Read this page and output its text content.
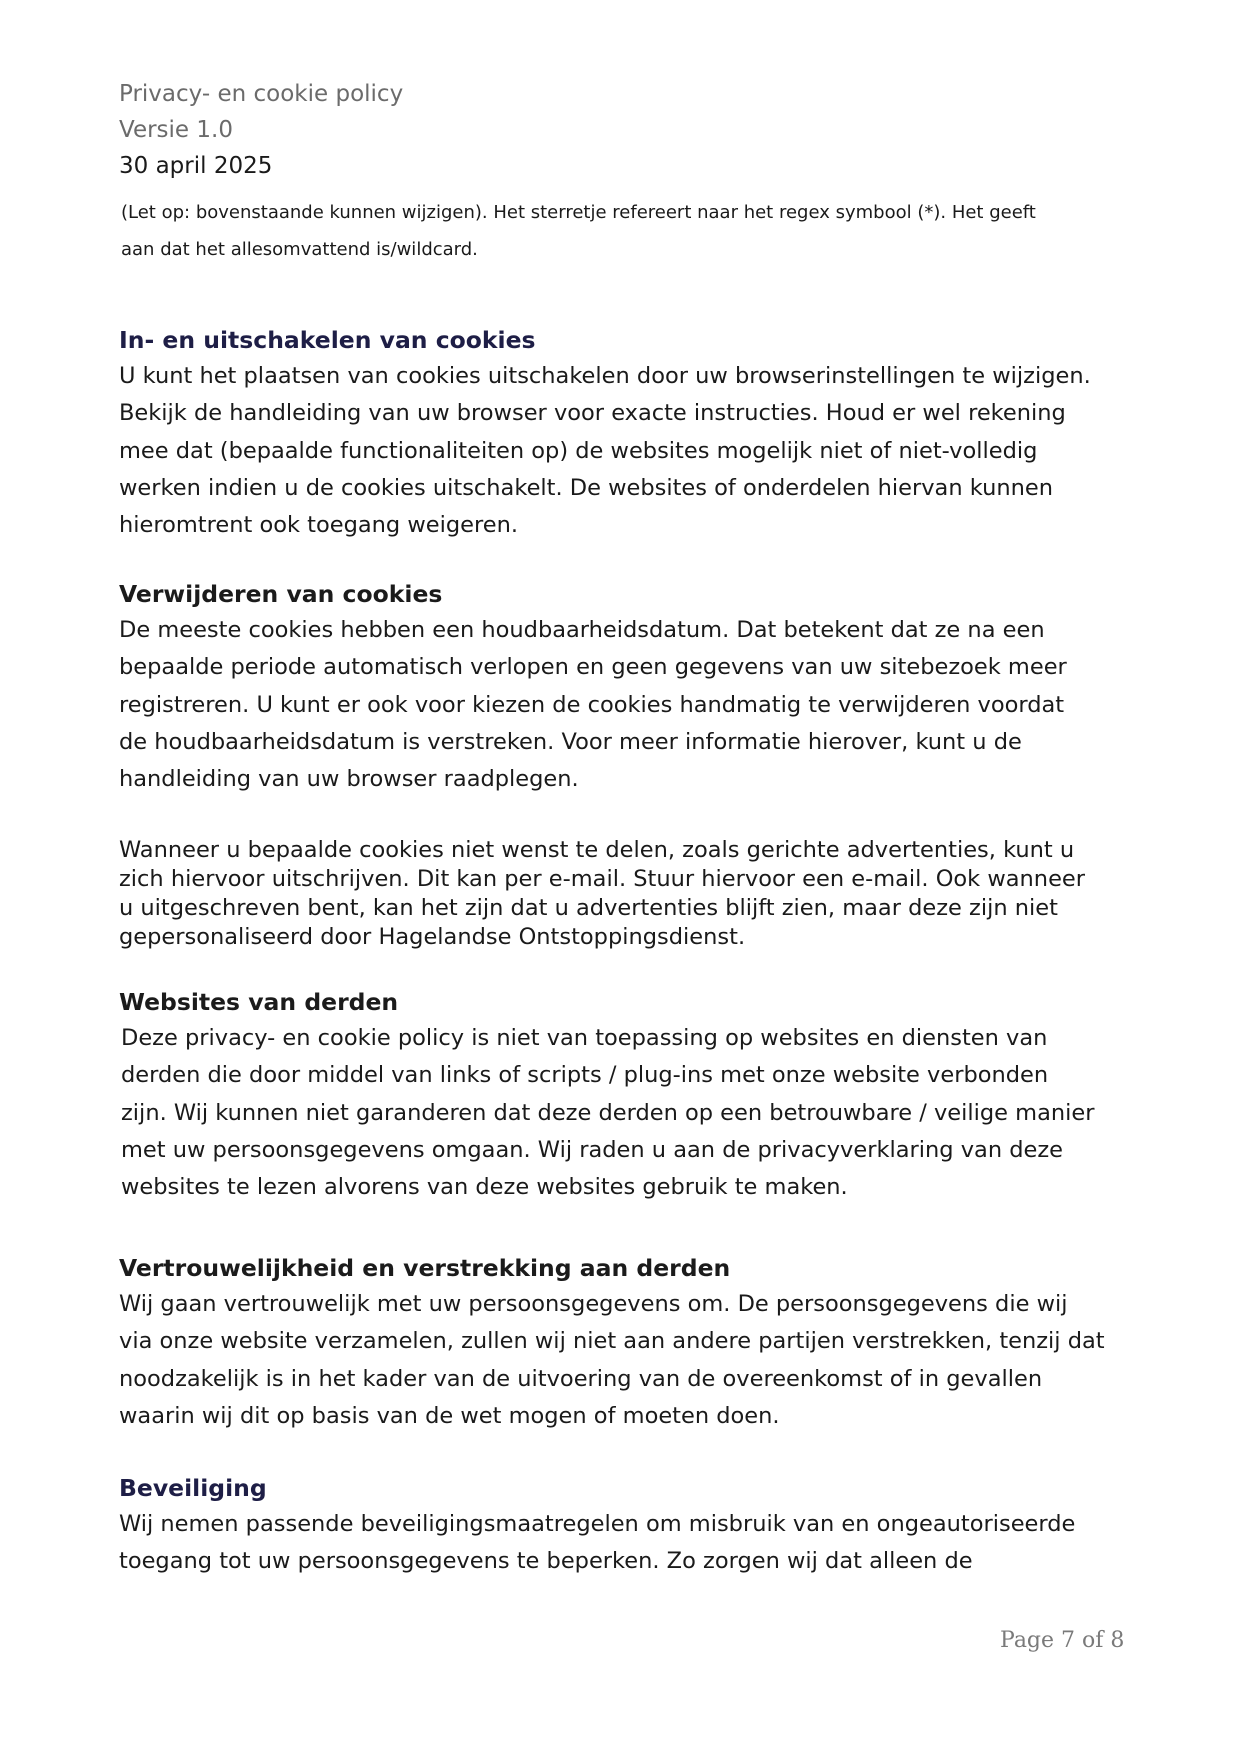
Privacy- en cookie policy
Versie 1.0
30 april 2025
(Let op: bovenstaande kunnen wijzigen). Het sterretje refereert naar het regex symbool (*). Het geeft
aan dat het allesomvattend is/wildcard.
In- en uitschakelen van cookies
U kunt het plaatsen van cookies uitschakelen door uw browserinstellingen te wijzigen.
Bekijk de handleiding van uw browser voor exacte instructies. Houd er wel rekening
mee dat (bepaalde functionaliteiten op) de websites mogelijk niet of niet-volledig
werken indien u de cookies uitschakelt. De websites of onderdelen hiervan kunnen
hieromtrent ook toegang weigeren.
Verwijderen van cookies
De meeste cookies hebben een houdbaarheidsdatum. Dat betekent dat ze na een
bepaalde periode automatisch verlopen en geen gegevens van uw sitebezoek meer
registreren. U kunt er ook voor kiezen de cookies handmatig te verwijderen voordat
de houdbaarheidsdatum is verstreken. Voor meer informatie hierover, kunt u de
handleiding van uw browser raadplegen.
Wanneer u bepaalde cookies niet wenst te delen, zoals gerichte advertenties, kunt u
zich hiervoor uitschrijven. Dit kan per e-mail. Stuur hiervoor een e-mail. Ook wanneer
u uitgeschreven bent, kan het zijn dat u advertenties blijft zien, maar deze zijn niet
gepersonaliseerd door Hagelandse Ontstoppingsdienst.
Websites van derden
Deze privacy- en cookie policy is niet van toepassing op websites en diensten van
derden die door middel van links of scripts / plug-ins met onze website verbonden
zijn. Wij kunnen niet garanderen dat deze derden op een betrouwbare / veilige manier
met uw persoonsgegevens omgaan. Wij raden u aan de privacyverklaring van deze
websites te lezen alvorens van deze websites gebruik te maken.
Vertrouwelijkheid en verstrekking aan derden
Wij gaan vertrouwelijk met uw persoonsgegevens om. De persoonsgegevens die wij
via onze website verzamelen, zullen wij niet aan andere partijen verstrekken, tenzij dat
noodzakelijk is in het kader van de uitvoering van de overeenkomst of in gevallen
waarin wij dit op basis van de wet mogen of moeten doen.
Beveiliging
Wij nemen passende beveiligingsmaatregelen om misbruik van en ongeautoriseerde
toegang tot uw persoonsgegevens te beperken. Zo zorgen wij dat alleen de
Page 7 of 8
